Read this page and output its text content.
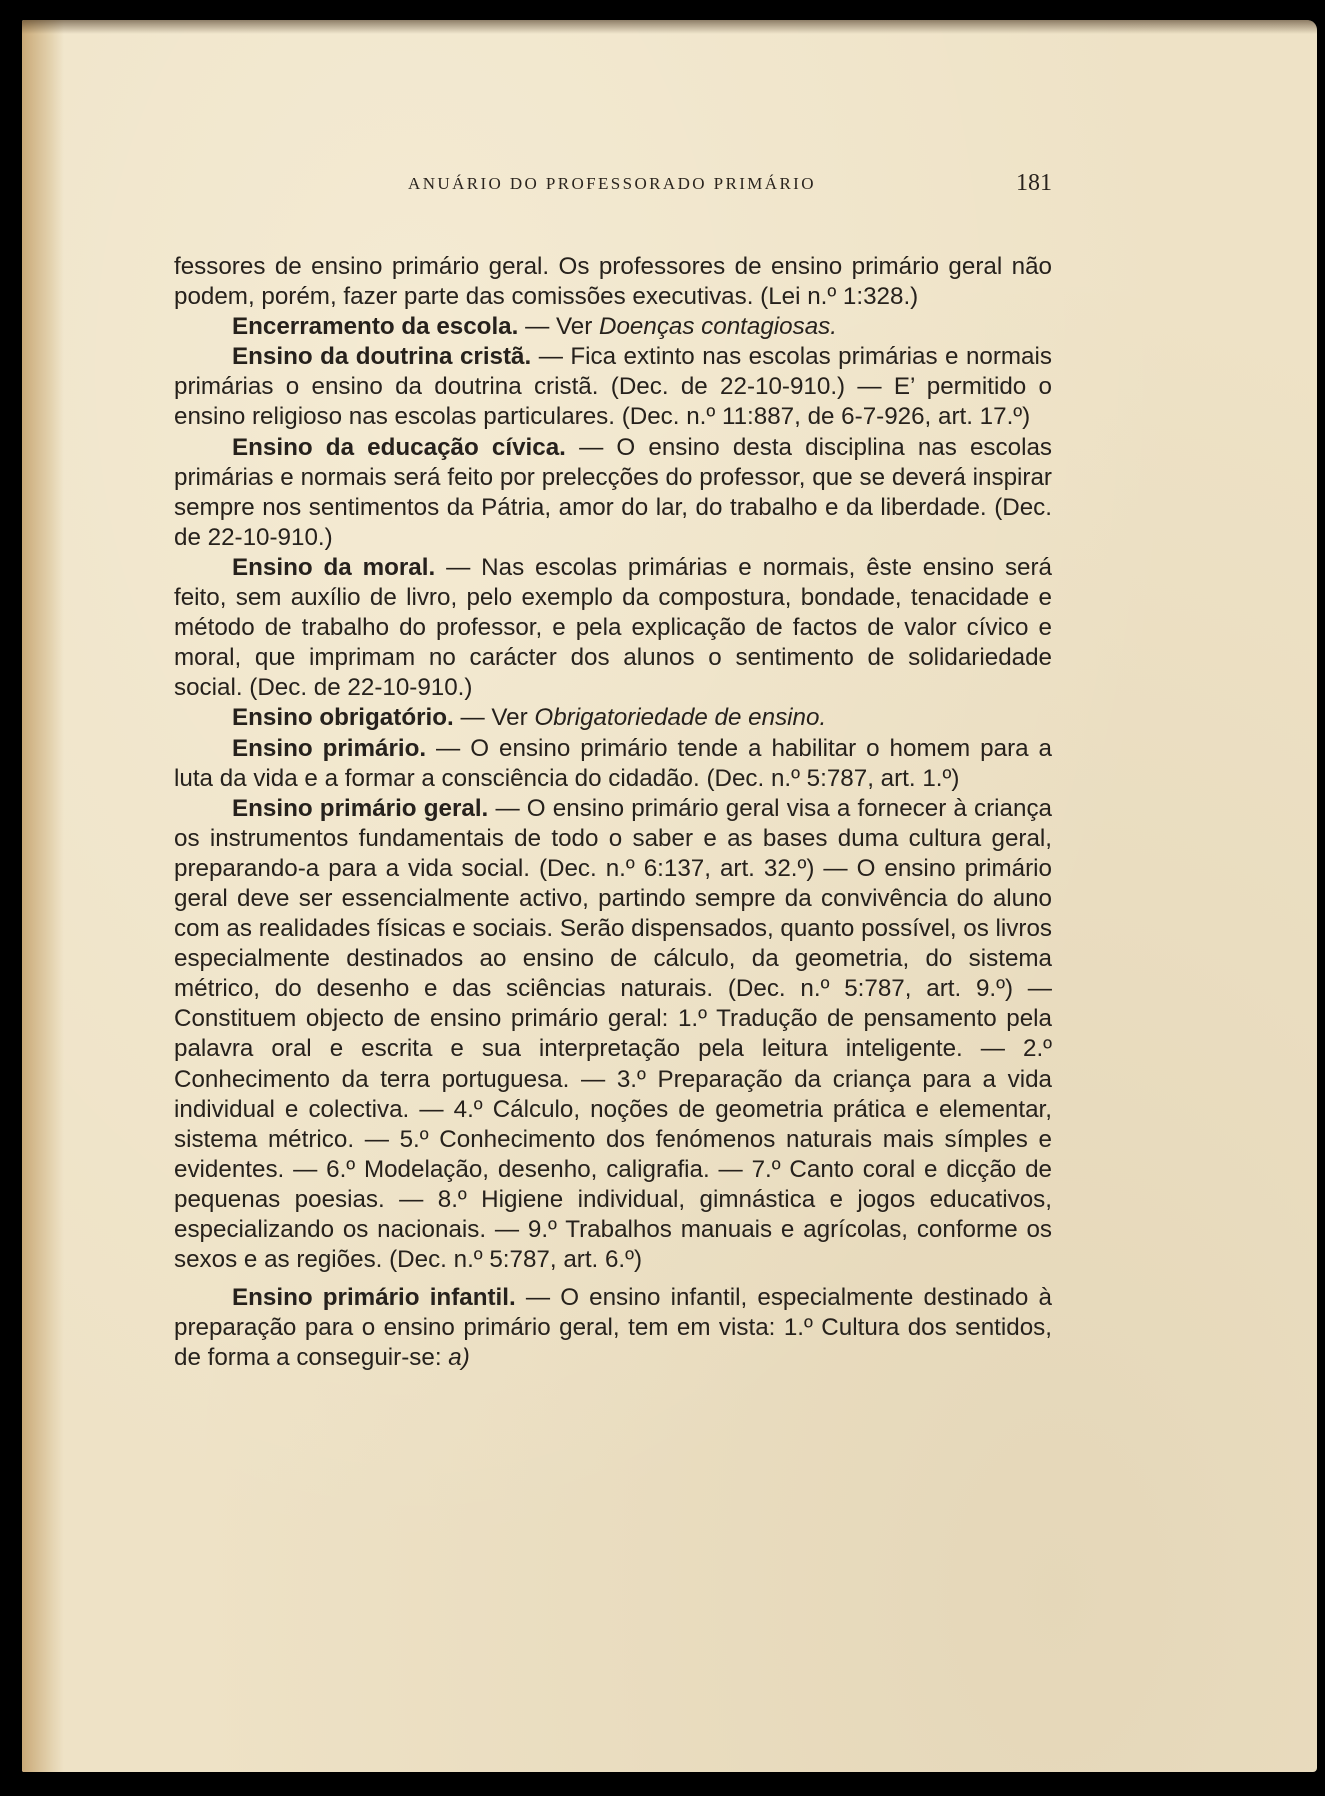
ANUÁRIO DO PROFESSORADO PRIMÁRIO	181

fessores de ensino primário geral. Os professores de ensino primário geral não podem, porém, fazer parte das comissões executivas. (Lei n.º 1:328.)

Encerramento da escola. — Ver Doenças contagiosas.

Ensino da doutrina cristã. — Fica extinto nas escolas primárias e normais primárias o ensino da doutrina cristã. (Dec. de 22-10-910.) — E’ permitido o ensino religioso nas escolas particulares. (Dec. n.º 11:887, de 6-7-926, art. 17.º)

Ensino da educação cívica. — O ensino desta disciplina nas escolas primárias e normais será feito por prelecções do professor, que se deverá inspirar sempre nos sentimentos da Pátria, amor do lar, do trabalho e da liberdade. (Dec. de 22-10-910.)

Ensino da moral. — Nas escolas primárias e normais, êste ensino será feito, sem auxílio de livro, pelo exemplo da compostura, bondade, tenacidade e método de trabalho do professor, e pela explicação de factos de valor cívico e moral, que imprimam no carácter dos alunos o sentimento de solidariedade social. (Dec. de 22-10-910.)

Ensino obrigatório. — Ver Obrigatoriedade de ensino.

Ensino primário. — O ensino primário tende a habilitar o homem para a luta da vida e a formar a consciência do cidadão. (Dec. n.º 5:787, art. 1.º)

Ensino primário geral. — O ensino primário geral visa a fornecer à criança os instrumentos fundamentais de todo o saber e as bases duma cultura geral, preparando-a para a vida social. (Dec. n.º 6:137, art. 32.º) — O ensino primário geral deve ser essencialmente activo, partindo sempre da convivência do aluno com as realidades físicas e sociais. Serão dispensados, quanto possível, os livros especialmente destinados ao ensino de cálculo, da geometria, do sistema métrico, do desenho e das sciências naturais. (Dec. n.º 5:787, art. 9.º) — Constituem objecto de ensino primário geral: 1.º Tradução de pensamento pela palavra oral e escrita e sua interpretação pela leitura inteligente. — 2.º Conhecimento da terra portuguesa. — 3.º Preparação da criança para a vida individual e colectiva. — 4.º Cálculo, noções de geometria prática e elementar, sistema métrico. — 5.º Conhecimento dos fenómenos naturais mais símples e evidentes. — 6.º Modelação, desenho, caligrafia. — 7.º Canto coral e dicção de pequenas poesias. — 8.º Higiene individual, gimnástica e jogos educativos, especializando os nacionais. — 9.º Trabalhos manuais e agrícolas, conforme os sexos e as regiões. (Dec. n.º 5:787, art. 6.º)

Ensino primário infantil. — O ensino infantil, especialmente destinado à preparação para o ensino primário geral, tem em vista: 1.º Cultura dos sentidos, de forma a conseguir-se: a)
